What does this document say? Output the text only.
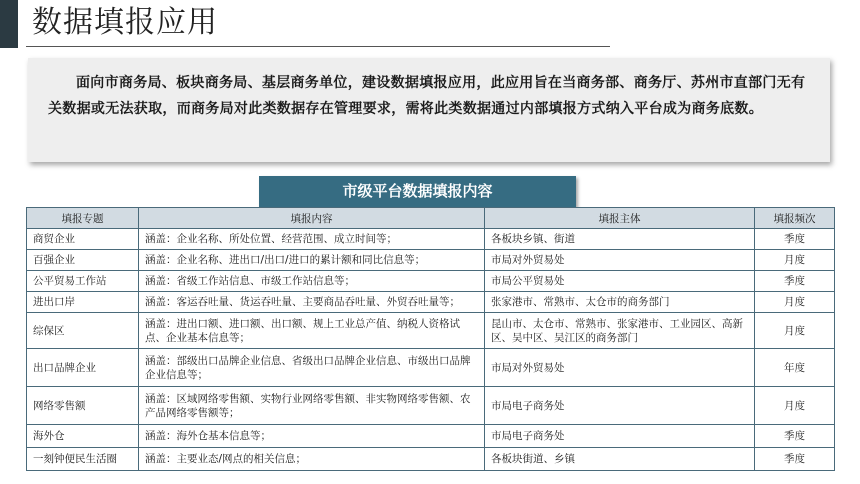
数据填报应用

面向市商务局、板块商务局、基层商务单位，建设数据填报应用，此应用旨在当商务部、商务厅、苏州市直部门无有关数据或无法获取，而商务局对此类数据存在管理要求，需将此类数据通过内部填报方式纳入平台成为商务底数。

市级平台数据填报内容
填报专题	填报内容	填报主体	填报频次
商贸企业	涵盖：企业名称、所处位置、经营范围、成立时间等；	各板块乡镇、街道	季度
百强企业	涵盖：企业名称、进出口/出口/进口的累计额和同比信息等；	市局对外贸易处	月度
公平贸易工作站	涵盖：省级工作站信息、市级工作站信息等；	市局公平贸易处	季度
进出口岸	涵盖：客运吞吐量、货运吞吐量、主要商品吞吐量、外贸吞吐量等；	张家港市、常熟市、太仓市的商务部门	月度
综保区	涵盖：进出口额、进口额、出口额、规上工业总产值、纳税人资格试点、企业基本信息等；	昆山市、太仓市、常熟市、张家港市、工业园区、高新区、吴中区、吴江区的商务部门	月度
出口品牌企业	涵盖：部级出口品牌企业信息、省级出口品牌企业信息、市级出口品牌企业信息等；	市局对外贸易处	年度
网络零售额	涵盖：区域网络零售额、实物行业网络零售额、非实物网络零售额、农产品网络零售额等；	市局电子商务处	月度
海外仓	涵盖：海外仓基本信息等；	市局电子商务处	季度
一刻钟便民生活圈	涵盖：主要业态/网点的相关信息；	各板块街道、乡镇	季度
